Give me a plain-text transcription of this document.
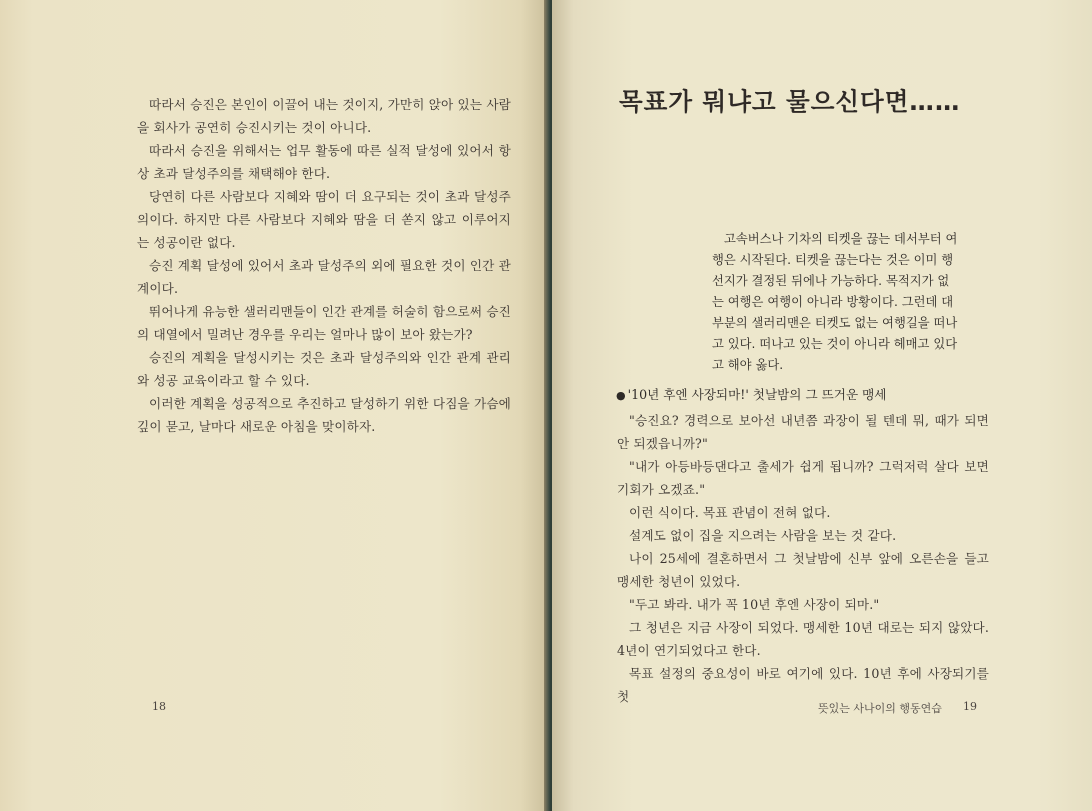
따라서 승진은 본인이 이끌어 내는 것이지, 가만히 앉아 있는 사람을 회사가 공연히 승진시키는 것이 아니다.

따라서 승진을 위해서는 업무 활동에 따른 실적 달성에 있어서 항상 초과 달성주의를 채택해야 한다.

당연히 다른 사람보다 지혜와 땀이 더 요구되는 것이 초과 달성주의이다. 하지만 다른 사람보다 지혜와 땀을 더 쏟지 않고 이루어지는 성공이란 없다.

승진 계획 달성에 있어서 초과 달성주의 외에 필요한 것이 인간 관계이다.

뛰어나게 유능한 샐러리맨들이 인간 관계를 허술히 함으로써 승진의 대열에서 밀려난 경우를 우리는 얼마나 많이 보아 왔는가?

승진의 계획을 달성시키는 것은 초과 달성주의와 인간 관계 관리와 성공 교육이라고 할 수 있다.

이러한 계획을 성공적으로 추진하고 달성하기 위한 다짐을 가슴에 깊이 묻고, 날마다 새로운 아침을 맞이하자.

18
목표가 뭐냐고 물으신다면……
고속버스나 기차의 티켓을 끊는 데서부터 여
행은 시작된다. 티켓을 끊는다는 것은 이미 행
선지가 결정된 뒤에나 가능하다. 목적지가 없
는 여행은 여행이 아니라 방황이다. 그런데 대
부분의 샐러리맨은 티켓도 없는 여행길을 떠나
고 있다. 떠나고 있는 것이 아니라 헤매고 있다
고 해야 옳다.

● '10년 후엔 사장되마!' 첫날밤의 그 뜨거운 맹세

"승진요? 경력으로 보아선 내년쯤 과장이 될 텐데 뭐, 때가 되면 안 되겠읍니까?"

"내가 아등바등댄다고 출세가 쉽게 됩니까? 그럭저럭 살다 보면 기회가 오겠죠."

이런 식이다. 목표 관념이 전혀 없다.

설계도 없이 집을 지으려는 사람을 보는 것 같다.

나이 25세에 결혼하면서 그 첫날밤에 신부 앞에 오른손을 들고 맹세한 청년이 있었다.

"두고 봐라. 내가 꼭 10년 후엔 사장이 되마."

그 청년은 지금 사장이 되었다. 맹세한 10년 대로는 되지 않았다. 4년이 연기되었다고 한다.

목표 설정의 중요성이 바로 여기에 있다. 10년 후에 사장되기를 첫

뜻있는 사나이의 행동연습 19
